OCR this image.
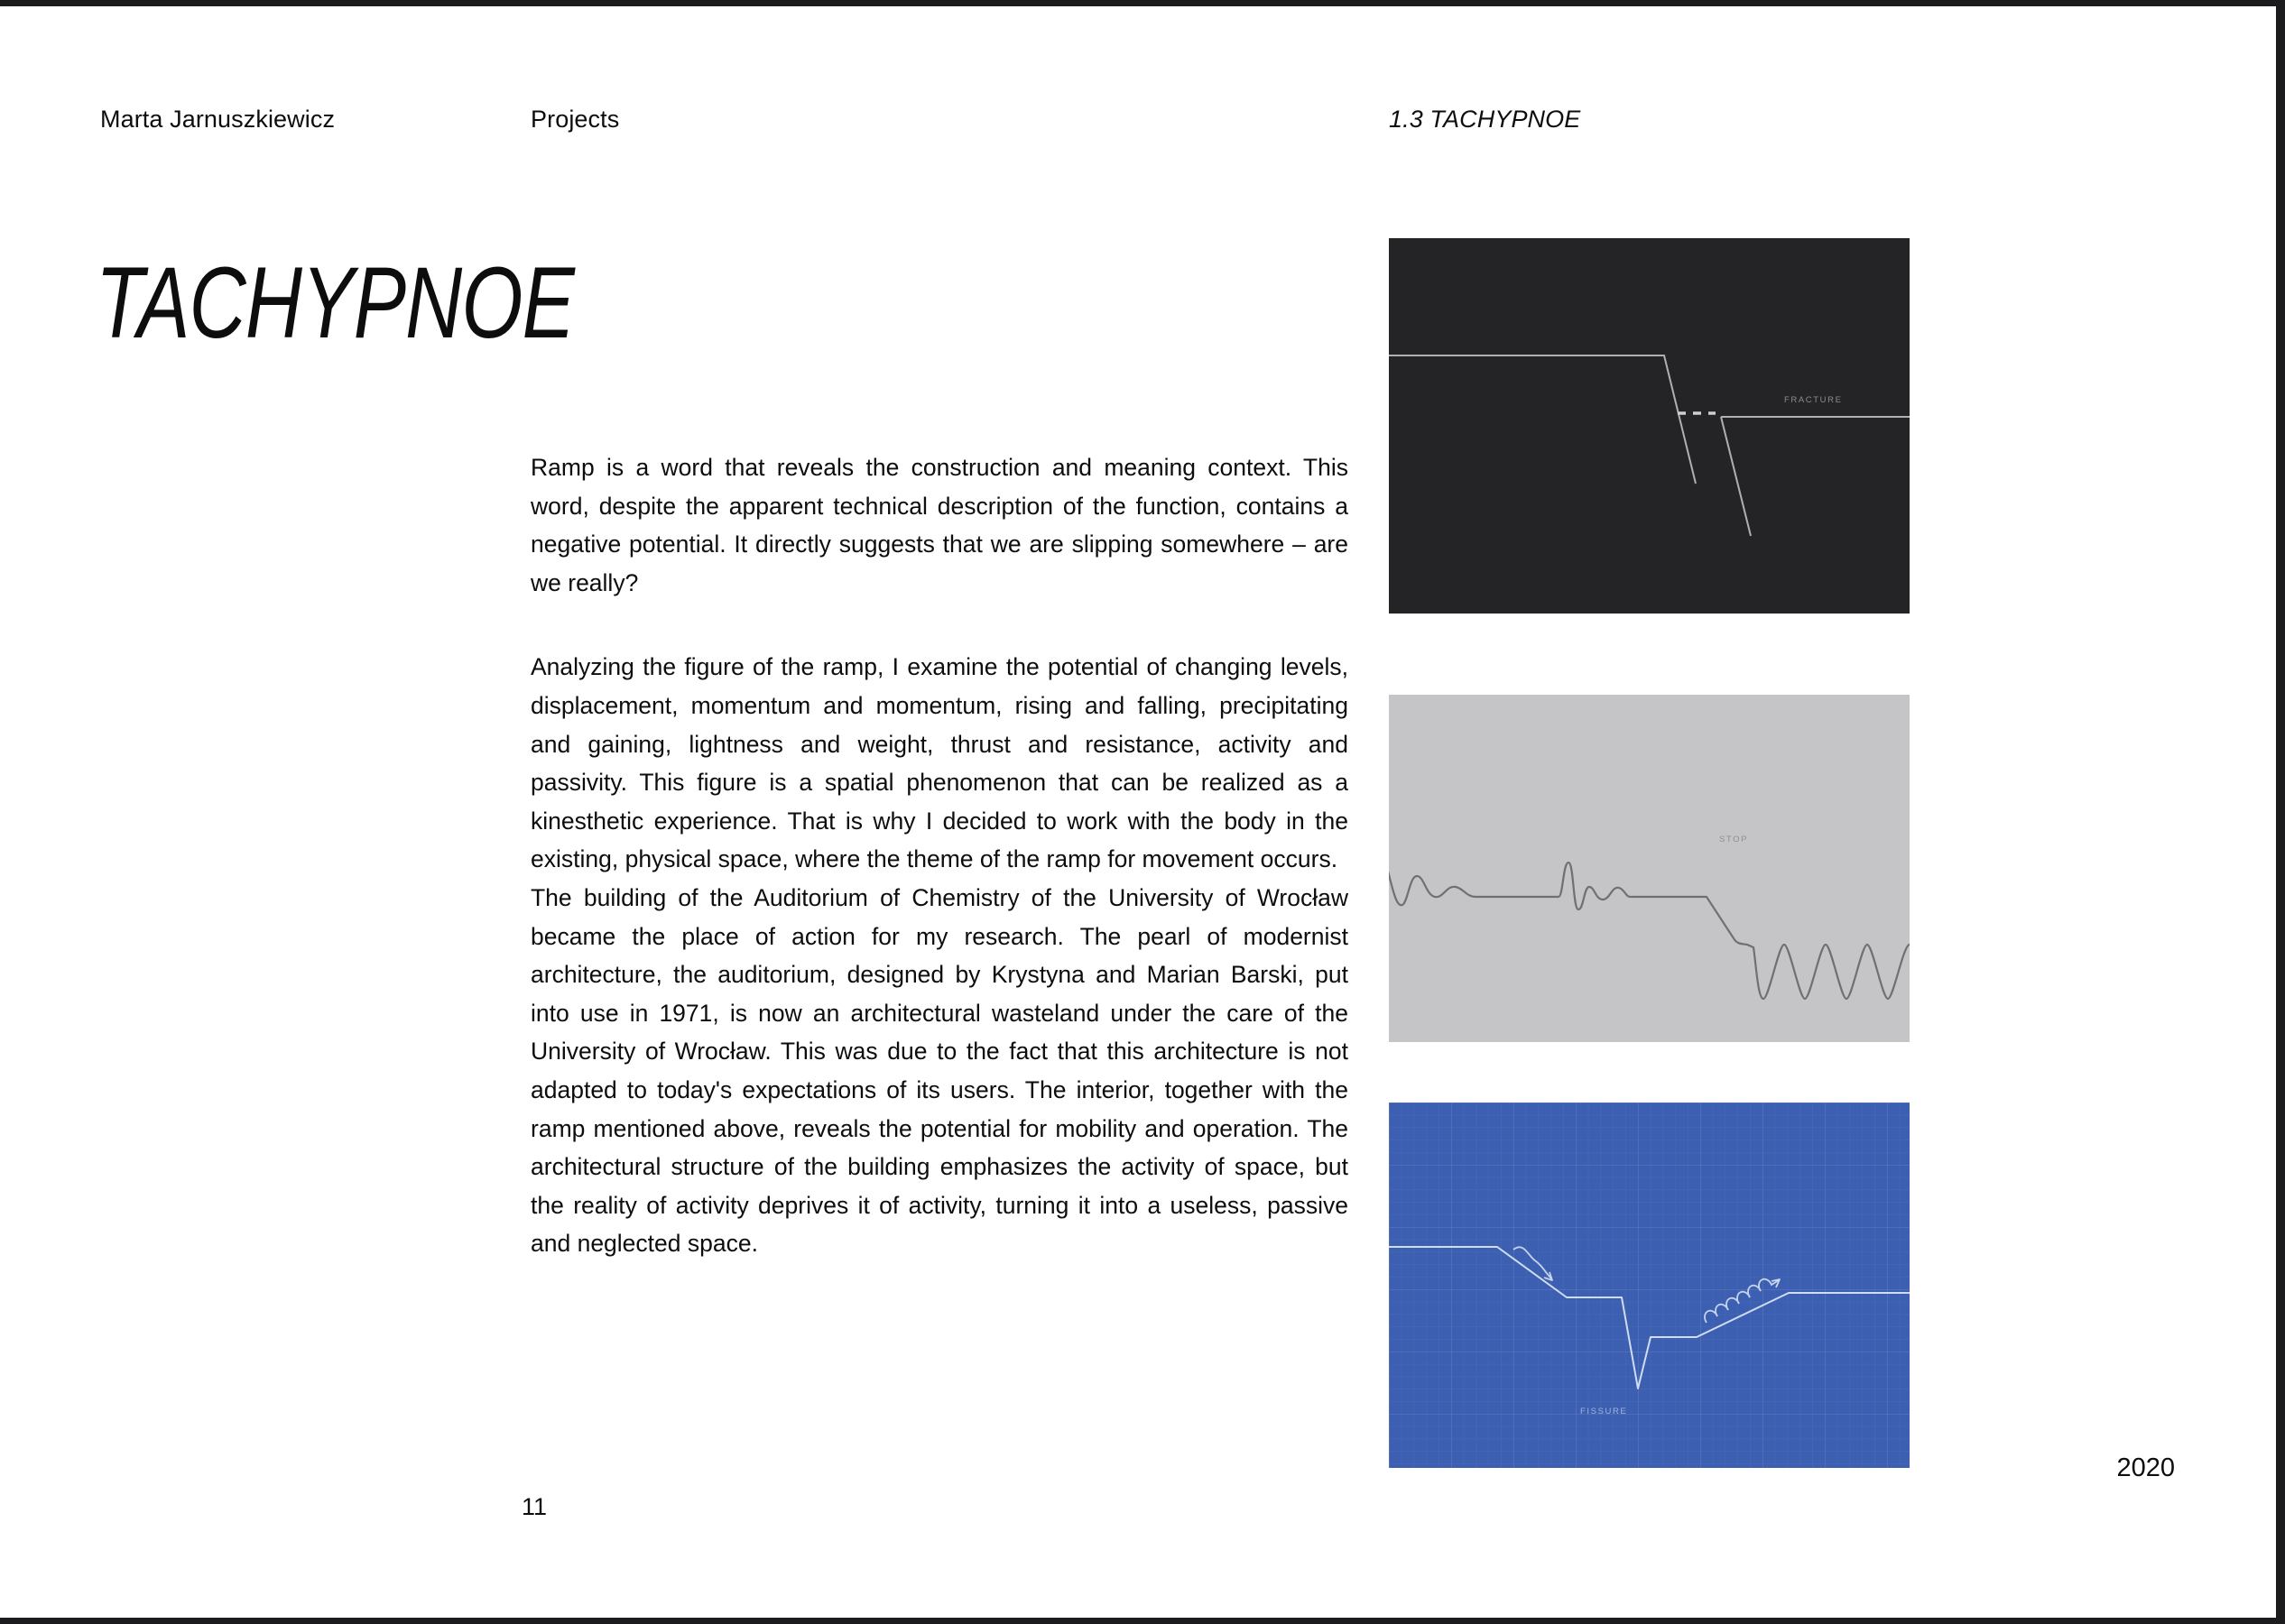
Marta Jarnuszkiewicz	Projects	1.3 TACHYPNOE
TACHYPNOE

Ramp is a word that reveals the construction and meaning context. This word, despite the apparent technical description of the function, contains a negative potential. It directly suggests that we are slipping somewhere – are we really?

Analyzing the figure of the ramp, I examine the potential of changing levels, displacement, momentum and momentum, rising and falling, precipitating and gaining, lightness and weight, thrust and resistance, activity and passivity. This figure is a spatial phenomenon that can be realized as a kinesthetic experience. That is why I decided to work with the body in the existing, physical space, where the theme of the ramp for movement occurs.

The building of the Auditorium of Chemistry of the University of Wrocław became the place of action for my research. The pearl of modernist architecture, the auditorium, designed by Krystyna and Marian Barski, put into use in 1971, is now an architectural wasteland under the care of the University of Wrocław. This was due to the fact that this architecture is not adapted to today's expectations of its users. The interior, together with the ramp mentioned above, reveals the potential for mobility and operation. The architectural structure of the building emphasizes the activity of space, but the reality of activity deprives it of activity, turning it into a useless, passive and neglected space.

FRACTURE
STOP
FISSURE
2020
11
